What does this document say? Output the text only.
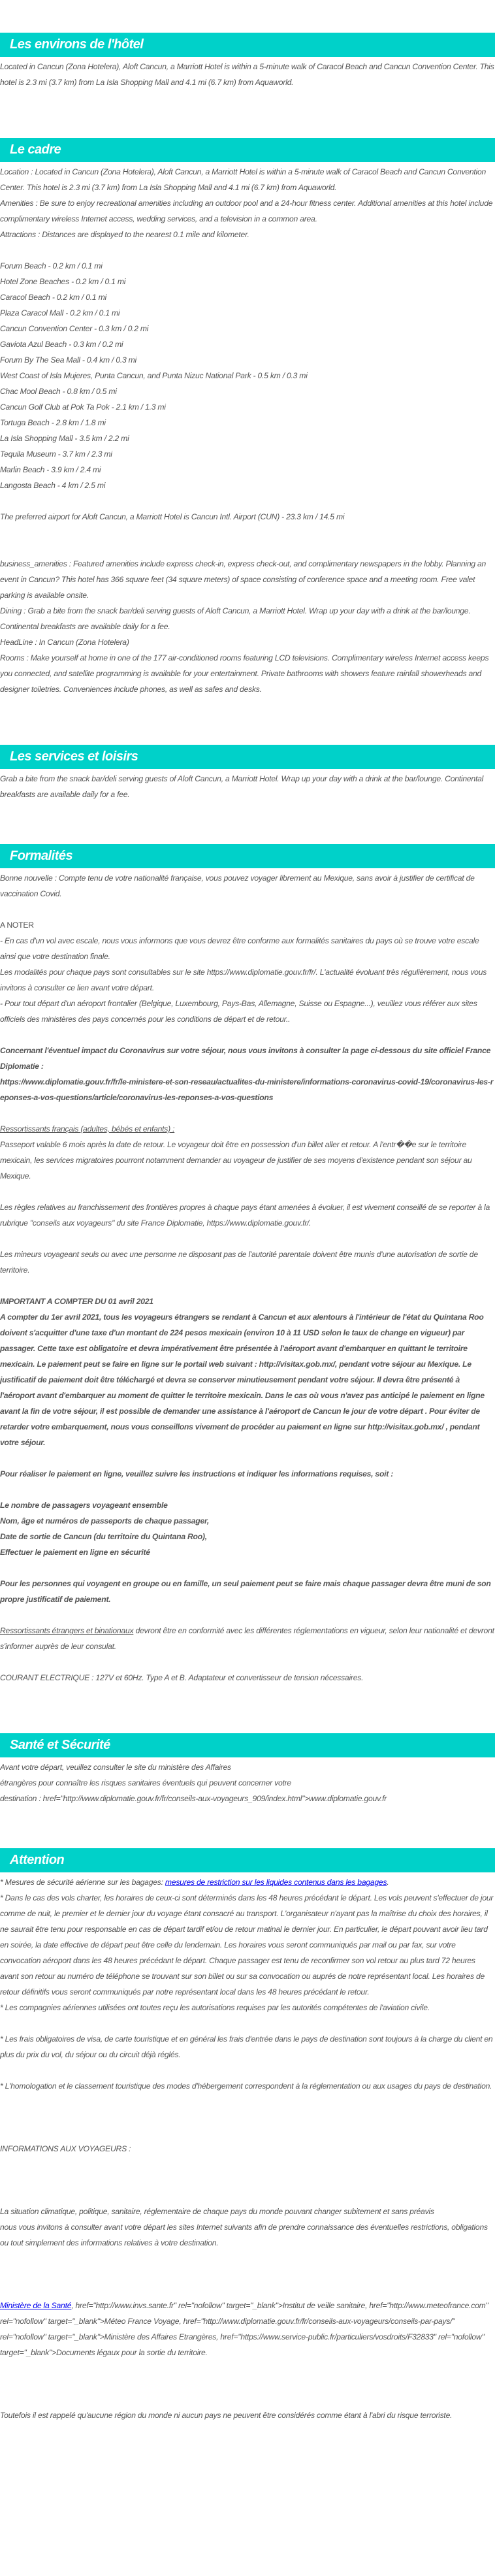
Les environs de l'hôtel

Located in Cancun (Zona Hotelera), Aloft Cancun, a Marriott Hotel is within a 5-minute walk of Caracol Beach and Cancun Convention Center. This hotel is 2.3 mi (3.7 km) from La Isla Shopping Mall and 4.1 mi (6.7 km) from Aquaworld.

Le cadre

Location : Located in Cancun (Zona Hotelera), Aloft Cancun, a Marriott Hotel is within a 5-minute walk of Caracol Beach and Cancun Convention Center. This hotel is 2.3 mi (3.7 km) from La Isla Shopping Mall and 4.1 mi (6.7 km) from Aquaworld.

Amenities : Be sure to enjoy recreational amenities including an outdoor pool and a 24-hour fitness center. Additional amenities at this hotel include complimentary wireless Internet access, wedding services, and a television in a common area.

Attractions : Distances are displayed to the nearest 0.1 mile and kilometer.

Forum Beach - 0.2 km / 0.1 mi

Hotel Zone Beaches - 0.2 km / 0.1 mi

Caracol Beach - 0.2 km / 0.1 mi

Plaza Caracol Mall - 0.2 km / 0.1 mi

Cancun Convention Center - 0.3 km / 0.2 mi

Gaviota Azul Beach - 0.3 km / 0.2 mi

Forum By The Sea Mall - 0.4 km / 0.3 mi

West Coast of Isla Mujeres, Punta Cancun, and Punta Nizuc National Park - 0.5 km / 0.3 mi

Chac Mool Beach - 0.8 km / 0.5 mi

Cancun Golf Club at Pok Ta Pok - 2.1 km / 1.3 mi

Tortuga Beach - 2.8 km / 1.8 mi

La Isla Shopping Mall - 3.5 km / 2.2 mi

Tequila Museum - 3.7 km / 2.3 mi

Marlin Beach - 3.9 km / 2.4 mi

Langosta Beach - 4 km / 2.5 mi

The preferred airport for Aloft Cancun, a Marriott Hotel is Cancun Intl. Airport (CUN) - 23.3 km / 14.5 mi

business_amenities : Featured amenities include express check-in, express check-out, and complimentary newspapers in the lobby. Planning an event in Cancun? This hotel has 366 square feet (34 square meters) of space consisting of conference space and a meeting room. Free valet parking is available onsite.

Dining : Grab a bite from the snack bar/deli serving guests of Aloft Cancun, a Marriott Hotel. Wrap up your day with a drink at the bar/lounge. Continental breakfasts are available daily for a fee.

HeadLine : In Cancun (Zona Hotelera)

Rooms : Make yourself at home in one of the 177 air-conditioned rooms featuring LCD televisions. Complimentary wireless Internet access keeps you connected, and satellite programming is available for your entertainment. Private bathrooms with showers feature rainfall showerheads and designer toiletries. Conveniences include phones, as well as safes and desks.

Les services et loisirs

Grab a bite from the snack bar/deli serving guests of Aloft Cancun, a Marriott Hotel. Wrap up your day with a drink at the bar/lounge. Continental breakfasts are available daily for a fee.

Formalités

Bonne nouvelle : Compte tenu de votre nationalité française, vous pouvez voyager librement au Mexique, sans avoir à justifier de certificat de vaccination Covid.

A NOTER

- En cas d'un vol avec escale, nous vous informons que vous devrez être conforme aux formalités sanitaires du pays où se trouve votre escale ainsi que votre destination finale.

Les modalités pour chaque pays sont consultables sur le site https://www.diplomatie.gouv.fr/fr/. L'actualité évoluant très régulièrement, nous vous invitons à consulter ce lien avant votre départ.

- Pour tout départ d'un aéroport frontalier (Belgique, Luxembourg, Pays-Bas, Allemagne, Suisse ou Espagne...), veuillez vous référer aux sites officiels des ministères des pays concernés pour les conditions de départ et de retour..

Concernant l'éventuel impact du Coronavirus sur votre séjour, nous vous invitons à consulter la page ci-dessous du site officiel France Diplomatie :

https://www.diplomatie.gouv.fr/fr/le-ministere-et-son-reseau/actualites-du-ministere/informations-coronavirus-covid-19/coronavirus-les-reponses-a-vos-questions/article/coronavirus-les-reponses-a-vos-questions

Ressortissants français (adultes, bébés et enfants) :

Passeport valable 6 mois après la date de retour. Le voyageur doit être en possession d'un billet aller et retour. A l'entr��e sur le territoire mexicain, les services migratoires pourront notamment demander au voyageur de justifier de ses moyens d'existence pendant son séjour au Mexique.

Les règles relatives au franchissement des frontières propres à chaque pays étant amenées à évoluer, il est vivement conseillé de se reporter à la rubrique "conseils aux voyageurs" du site France Diplomatie, https://www.diplomatie.gouv.fr/.

Les mineurs voyageant seuls ou avec une personne ne disposant pas de l'autorité parentale doivent être munis d'une autorisation de sortie de territoire.

IMPORTANT A COMPTER DU 01 avril 2021

A compter du 1er avril 2021, tous les voyageurs étrangers se rendant à Cancun et aux alentours à l'intérieur de l'état du Quintana Roo doivent s'acquitter d'une taxe d'un montant de 224 pesos mexicain (environ 10 à 11 USD selon le taux de change en vigueur) par passager. Cette taxe est obligatoire et devra impérativement être présentée à l'aéroport avant d'embarquer en quittant le territoire mexicain. Le paiement peut se faire en ligne sur le portail web suivant : http://visitax.gob.mx/, pendant votre séjour au Mexique. Le justificatif de paiement doit être téléchargé et devra se conserver minutieusement pendant votre séjour. Il devra être présenté à l'aéroport avant d'embarquer au moment de quitter le territoire mexicain. Dans le cas où vous n'avez pas anticipé le paiement en ligne avant la fin de votre séjour, il est possible de demander une assistance à l'aéroport de Cancun le jour de votre départ . Pour éviter de retarder votre embarquement, nous vous conseillons vivement de procéder au paiement en ligne sur http://visitax.gob.mx/ , pendant votre séjour.

Pour réaliser le paiement en ligne, veuillez suivre les instructions et indiquer les informations requises, soit :

Le nombre de passagers voyageant ensemble

Nom, âge et numéros de passeports de chaque passager,

Date de sortie de Cancun (du territoire du Quintana Roo),

Effectuer le paiement en ligne en sécurité

Pour les personnes qui voyagent en groupe ou en famille, un seul paiement peut se faire mais chaque passager devra être muni de son propre justificatif de paiement.

Ressortissants étrangers et binationaux devront être en conformité avec les différentes réglementations en vigueur, selon leur nationalité et devront s'informer auprès de leur consulat.

COURANT ELECTRIQUE : 127V et 60Hz. Type A et B. Adaptateur et convertisseur de tension nécessaires.

Santé et Sécurité

Avant votre départ, veuillez consulter le site du ministère des Affaires

étrangères pour connaître les risques sanitaires éventuels qui peuvent concerner votre

destination : href="http://www.diplomatie.gouv.fr/fr/conseils-aux-voyageurs_909/index.html">www.diplomatie.gouv.fr

Attention

* Mesures de sécurité aérienne sur les bagages: mesures de restriction sur les liquides contenus dans les bagages.

* Dans le cas des vols charter, les horaires de ceux-ci sont déterminés dans les 48 heures précédant le départ. Les vols peuvent s'effectuer de jour comme de nuit, le premier et le dernier jour du voyage étant consacré au transport. L'organisateur n'ayant pas la maîtrise du choix des horaires, il ne saurait être tenu pour responsable en cas de départ tardif et/ou de retour matinal le dernier jour. En particulier, le départ pouvant avoir lieu tard en soirée, la date effective de départ peut être celle du lendemain. Les horaires vous seront communiqués par mail ou par fax, sur votre convocation aéroport dans les 48 heures précédant le départ. Chaque passager est tenu de reconfirmer son vol retour au plus tard 72 heures avant son retour au numéro de téléphone se trouvant sur son billet ou sur sa convocation ou auprés de notre représentant local. Les horaires de retour définitifs vous seront communiqués par notre représentant local dans les 48 heures précédant le retour.

* Les compagnies aériennes utilisées ont toutes reçu les autorisations requises par les autorités compétentes de l'aviation civile.

* Les frais obligatoires de visa, de carte touristique et en général les frais d'entrée dans le pays de destination sont toujours à la charge du client en plus du prix du vol, du séjour ou du circuit déjà réglés.

* L'homologation et le classement touristique des modes d'hébergement correspondent à la réglementation ou aux usages du pays de destination.

INFORMATIONS AUX VOYAGEURS :

La situation climatique, politique, sanitaire, réglementaire de chaque pays du monde pouvant changer subitement et sans préavis

nous vous invitons à consulter avant votre départ les sites Internet suivants afin de prendre connaissance des éventuelles restrictions, obligations ou tout simplement des informations relatives à votre destination.

Ministère de la Santé, href="http://www.invs.sante.fr" rel="nofollow" target="_blank">Institut de veille sanitaire, href="http://www.meteofrance.com" rel="nofollow" target="_blank">Méteo France Voyage, href="http://www.diplomatie.gouv.fr/fr/conseils-aux-voyageurs/conseils-par-pays/" rel="nofollow" target="_blank">Ministère des Affaires Etrangères, href="https://www.service-public.fr/particuliers/vosdroits/F32833" rel="nofollow" target="_blank">Documents légaux pour la sortie du territoire.

Toutefois il est rappelé qu'aucune région du monde ni aucun pays ne peuvent être considérés comme étant à l'abri du risque terroriste.
